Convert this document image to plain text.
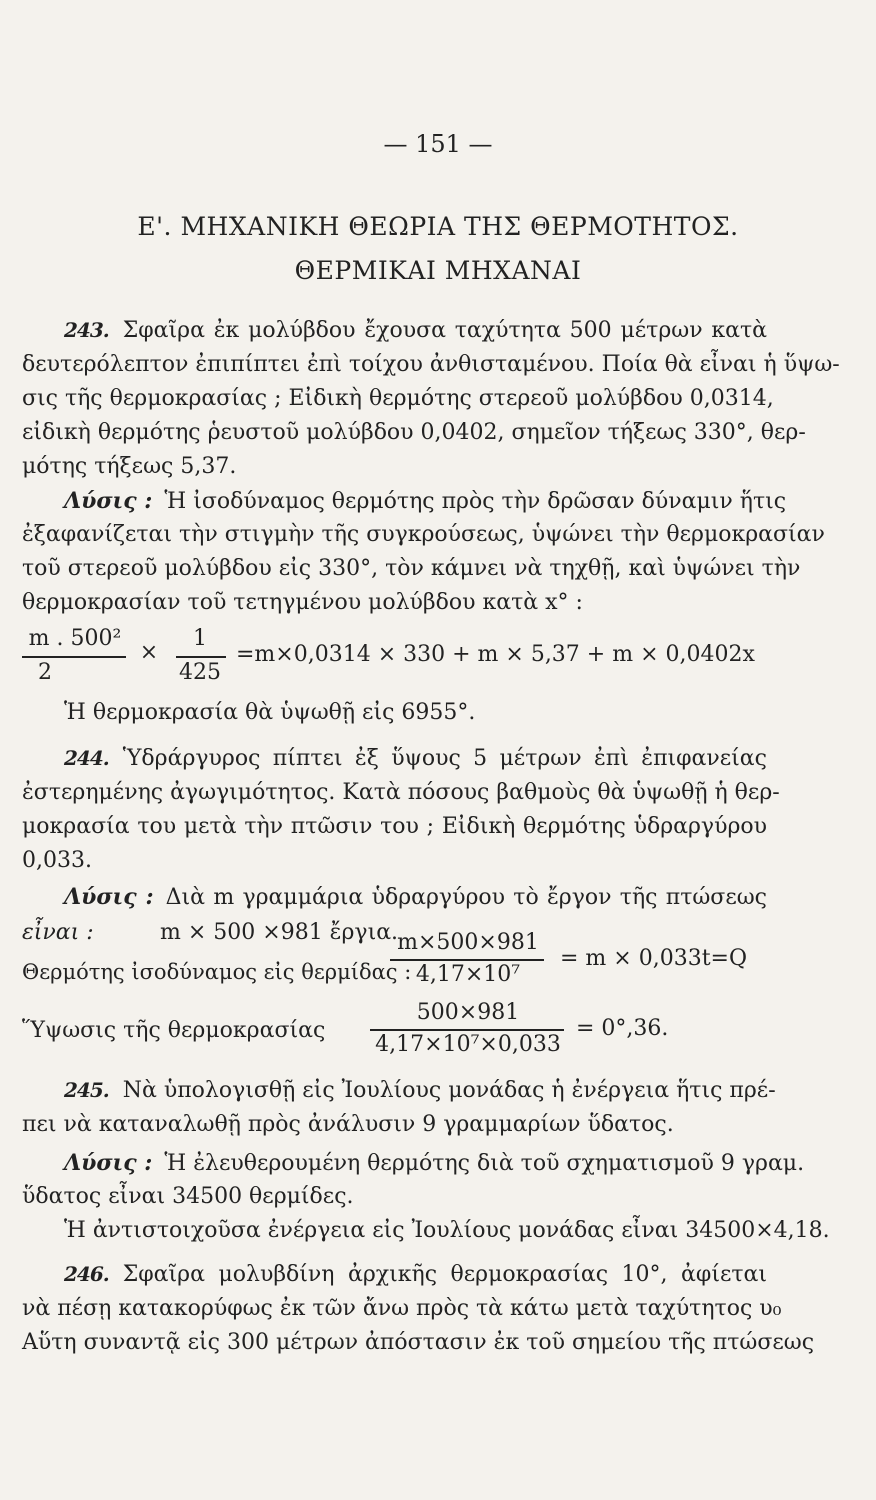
— 151 —
Ε'. ΜΗΧΑΝΙΚΗ ΘΕΩΡΙΑ ΤΗΣ ΘΕΡΜΟΤΗΤΟΣ.
ΘΕΡΜΙΚΑΙ ΜΗΧΑΝΑΙ
243. Σφαῖρα ἐκ μολύβδου ἔχουσα ταχύτητα 500 μέτρων κατὰ
δευτερόλεπτον ἐπιπίπτει ἐπὶ τοίχου ἀνθισταμένου. Ποία θὰ εἶναι ἡ ὕψω-
σις τῆς θερμοκρασίας ; Εἰδικὴ θερμότης στερεοῦ μολύβδου 0,0314,
εἰδικὴ θερμότης ῥευστοῦ μολύβδου 0,0402, σημεῖον τήξεως 330°, θερ-
μότης τήξεως 5,37.
Λύσις : Ἡ ἰσοδύναμος θερμότης πρὸς τὴν δρῶσαν δύναμιν ἥτις
ἐξαφανίζεται τὴν στιγμὴν τῆς συγκρούσεως, ὑψώνει τὴν θερμοκρασίαν
τοῦ στερεοῦ μολύβδου εἰς 330°, τὸν κάμνει νὰ τηχθῇ, καὶ ὑψώνει τὴν
θερμοκρασίαν τοῦ τετηγμένου μολύβδου κατὰ x° :
m . 500²
2
×
1
425
=m×0,0314 × 330 + m × 5,37 + m × 0,0402x
Ἡ θερμοκρασία θὰ ὑψωθῇ εἰς 6955°.
244. Ὑδράργυρος πίπτει ἐξ ὕψους 5 μέτρων ἐπὶ ἐπιφανείας
ἐστερημένης ἀγωγιμότητος. Κατὰ πόσους βαθμοὺς θὰ ὑψωθῇ ἡ θερ-
μοκρασία του μετὰ τὴν πτῶσιν του ; Εἰδικὴ θερμότης ὑδραργύρου
0,033.
Λύσις : Διὰ m γραμμάρια ὑδραργύρου τὸ ἔργον τῆς πτώσεως
εἶναι :	m × 500 ×981 ἔργια.
Θερμότης ἰσοδύναμος εἰς θερμίδας :
m×500×981
4,17×10⁷
= m × 0,033t=Q
Ὕψωσις τῆς θερμοκρασίας
500×981
4,17×10⁷×0,033
= 0°,36.
245. Νὰ ὑπολογισθῇ εἰς Ἰουλίους μονάδας ἡ ἐνέργεια ἥτις πρέ-
πει νὰ καταναλωθῇ πρὸς ἀνάλυσιν 9 γραμμαρίων ὕδατος.
Λύσις : Ἡ ἐλευθερουμένη θερμότης διὰ τοῦ σχηματισμοῦ 9 γραμ.
ὕδατος εἶναι 34500 θερμίδες.
Ἡ ἀντιστοιχοῦσα ἐνέργεια εἰς Ἰουλίους μονάδας εἶναι 34500×4,18.
246. Σφαῖρα μολυβδίνη ἀρχικῆς θερμοκρασίας 10°, ἀφίεται
νὰ πέσῃ κατακορύφως ἐκ τῶν ἄνω πρὸς τὰ κάτω μετὰ ταχύτητος υ₀
Αὕτη συναντᾷ εἰς 300 μέτρων ἀπόστασιν ἐκ τοῦ σημείου τῆς πτώσεως
